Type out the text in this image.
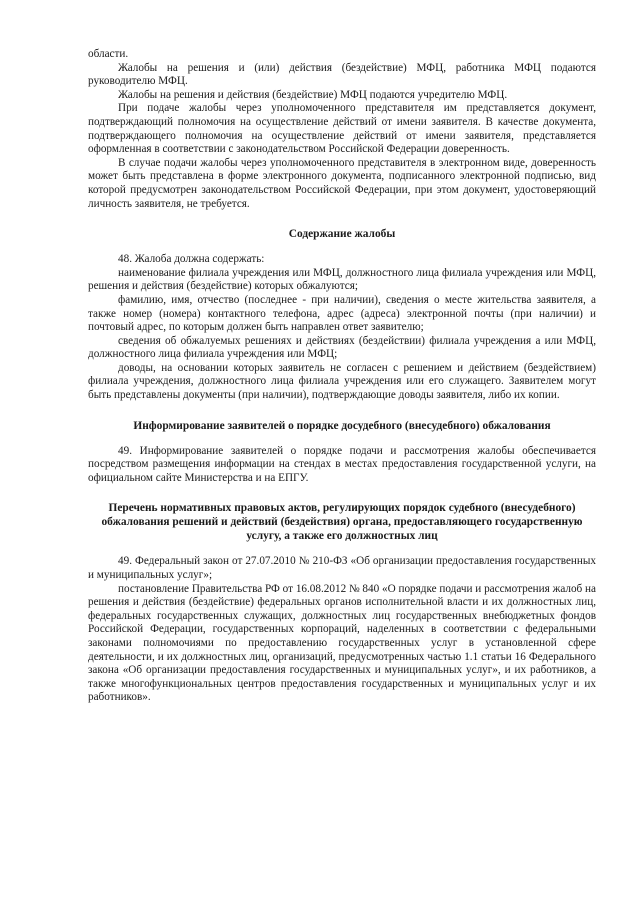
области.

Жалобы на решения и (или) действия (бездействие) МФЦ, работника МФЦ подаются руководителю МФЦ.

Жалобы на решения и действия (бездействие) МФЦ подаются учредителю МФЦ.

При подаче жалобы через уполномоченного представителя им представляется документ, подтверждающий полномочия на осуществление действий от имени заявителя. В качестве документа, подтверждающего полномочия на осуществление действий от имени заявителя, представляется оформленная в соответствии с законодательством Российской Федерации доверенность.

В случае подачи жалобы через уполномоченного представителя в электронном виде, доверенность может быть представлена в форме электронного документа, подписанного электронной подписью, вид которой предусмотрен законодательством Российской Федерации, при этом документ, удостоверяющий личность заявителя, не требуется.

Содержание жалобы

48. Жалоба должна содержать:

наименование филиала учреждения или МФЦ, должностного лица филиала учреждения или МФЦ, решения и действия (бездействие) которых обжалуются;

фамилию, имя, отчество (последнее - при наличии), сведения о месте жительства заявителя, а также номер (номера) контактного телефона, адрес (адреса) электронной почты (при наличии) и почтовый адрес, по которым должен быть направлен ответ заявителю;

сведения об обжалуемых решениях и действиях (бездействии) филиала учреждения а или МФЦ, должностного лица филиала учреждения или МФЦ;

доводы, на основании которых заявитель не согласен с решением и действием (бездействием) филиала учреждения, должностного лица филиала учреждения или его служащего. Заявителем могут быть представлены документы (при наличии), подтверждающие доводы заявителя, либо их копии.

Информирование заявителей о порядке досудебного (внесудебного) обжалования

49. Информирование заявителей о порядке подачи и рассмотрения жалобы обеспечивается посредством размещения информации на стендах в местах предоставления государственной услуги, на официальном сайте Министерства и на ЕПГУ.

Перечень нормативных правовых актов, регулирующих порядок судебного (внесудебного) обжалования решений и действий (бездействия) органа, предоставляющего государственную услугу, а также его должностных лиц

49. Федеральный закон от 27.07.2010 № 210-ФЗ «Об организации предоставления государственных и муниципальных услуг»;

постановление Правительства РФ от 16.08.2012 № 840 «О порядке подачи и рассмотрения жалоб на решения и действия (бездействие) федеральных органов исполнительной власти и их должностных лиц, федеральных государственных служащих, должностных лиц государственных внебюджетных фондов Российской Федерации, государственных корпораций, наделенных в соответствии с федеральными законами полномочиями по предоставлению государственных услуг в установленной сфере деятельности, и их должностных лиц, организаций, предусмотренных частью 1.1 статьи 16 Федерального закона «Об организации предоставления государственных и муниципальных услуг», и их работников, а также многофункциональных центров предоставления государственных и муниципальных услуг и их работников».
